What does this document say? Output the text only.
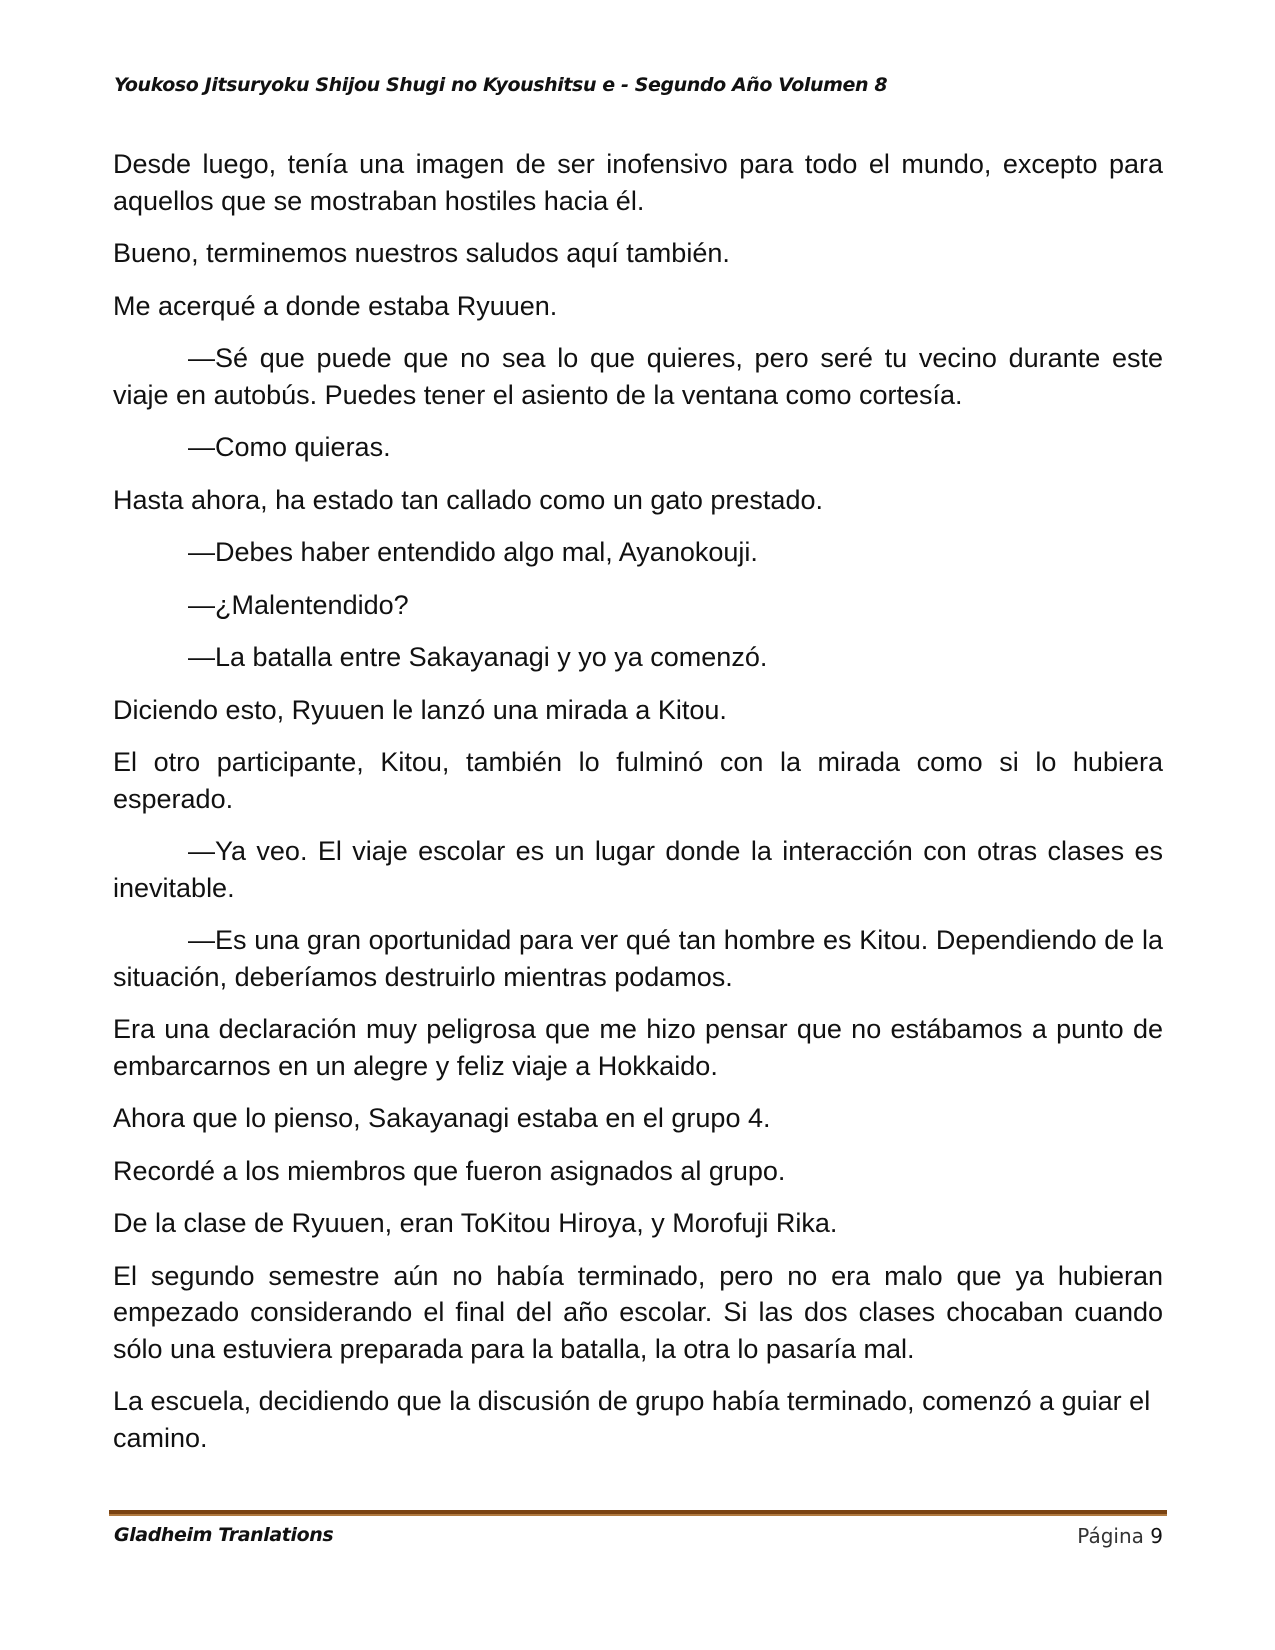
Youkoso Jitsuryoku Shijou Shugi no Kyoushitsu e - Segundo Año Volumen 8

Desde luego, tenía una imagen de ser inofensivo para todo el mundo, excepto para aquellos que se mostraban hostiles hacia él.

Bueno, terminemos nuestros saludos aquí también.

Me acerqué a donde estaba Ryuuen.

—Sé que puede que no sea lo que quieres, pero seré tu vecino durante este viaje en autobús. Puedes tener el asiento de la ventana como cortesía.

—Como quieras.

Hasta ahora, ha estado tan callado como un gato prestado.

—Debes haber entendido algo mal, Ayanokouji.

—¿Malentendido?

—La batalla entre Sakayanagi y yo ya comenzó.

Diciendo esto, Ryuuen le lanzó una mirada a Kitou.

El otro participante, Kitou, también lo fulminó con la mirada como si lo hubiera esperado.

—Ya veo. El viaje escolar es un lugar donde la interacción con otras clases es inevitable.

—Es una gran oportunidad para ver qué tan hombre es Kitou. Dependiendo de la situación, deberíamos destruirlo mientras podamos.

Era una declaración muy peligrosa que me hizo pensar que no estábamos a punto de embarcarnos en un alegre y feliz viaje a Hokkaido.

Ahora que lo pienso, Sakayanagi estaba en el grupo 4.

Recordé a los miembros que fueron asignados al grupo.

De la clase de Ryuuen, eran ToKitou Hiroya, y Morofuji Rika.

El segundo semestre aún no había terminado, pero no era malo que ya hubieran empezado considerando el final del año escolar. Si las dos clases chocaban cuando sólo una estuviera preparada para la batalla, la otra lo pasaría mal.

La escuela, decidiendo que la discusión de grupo había terminado, comenzó a guiar el camino.

Gladheim Tranlations	Página 9
